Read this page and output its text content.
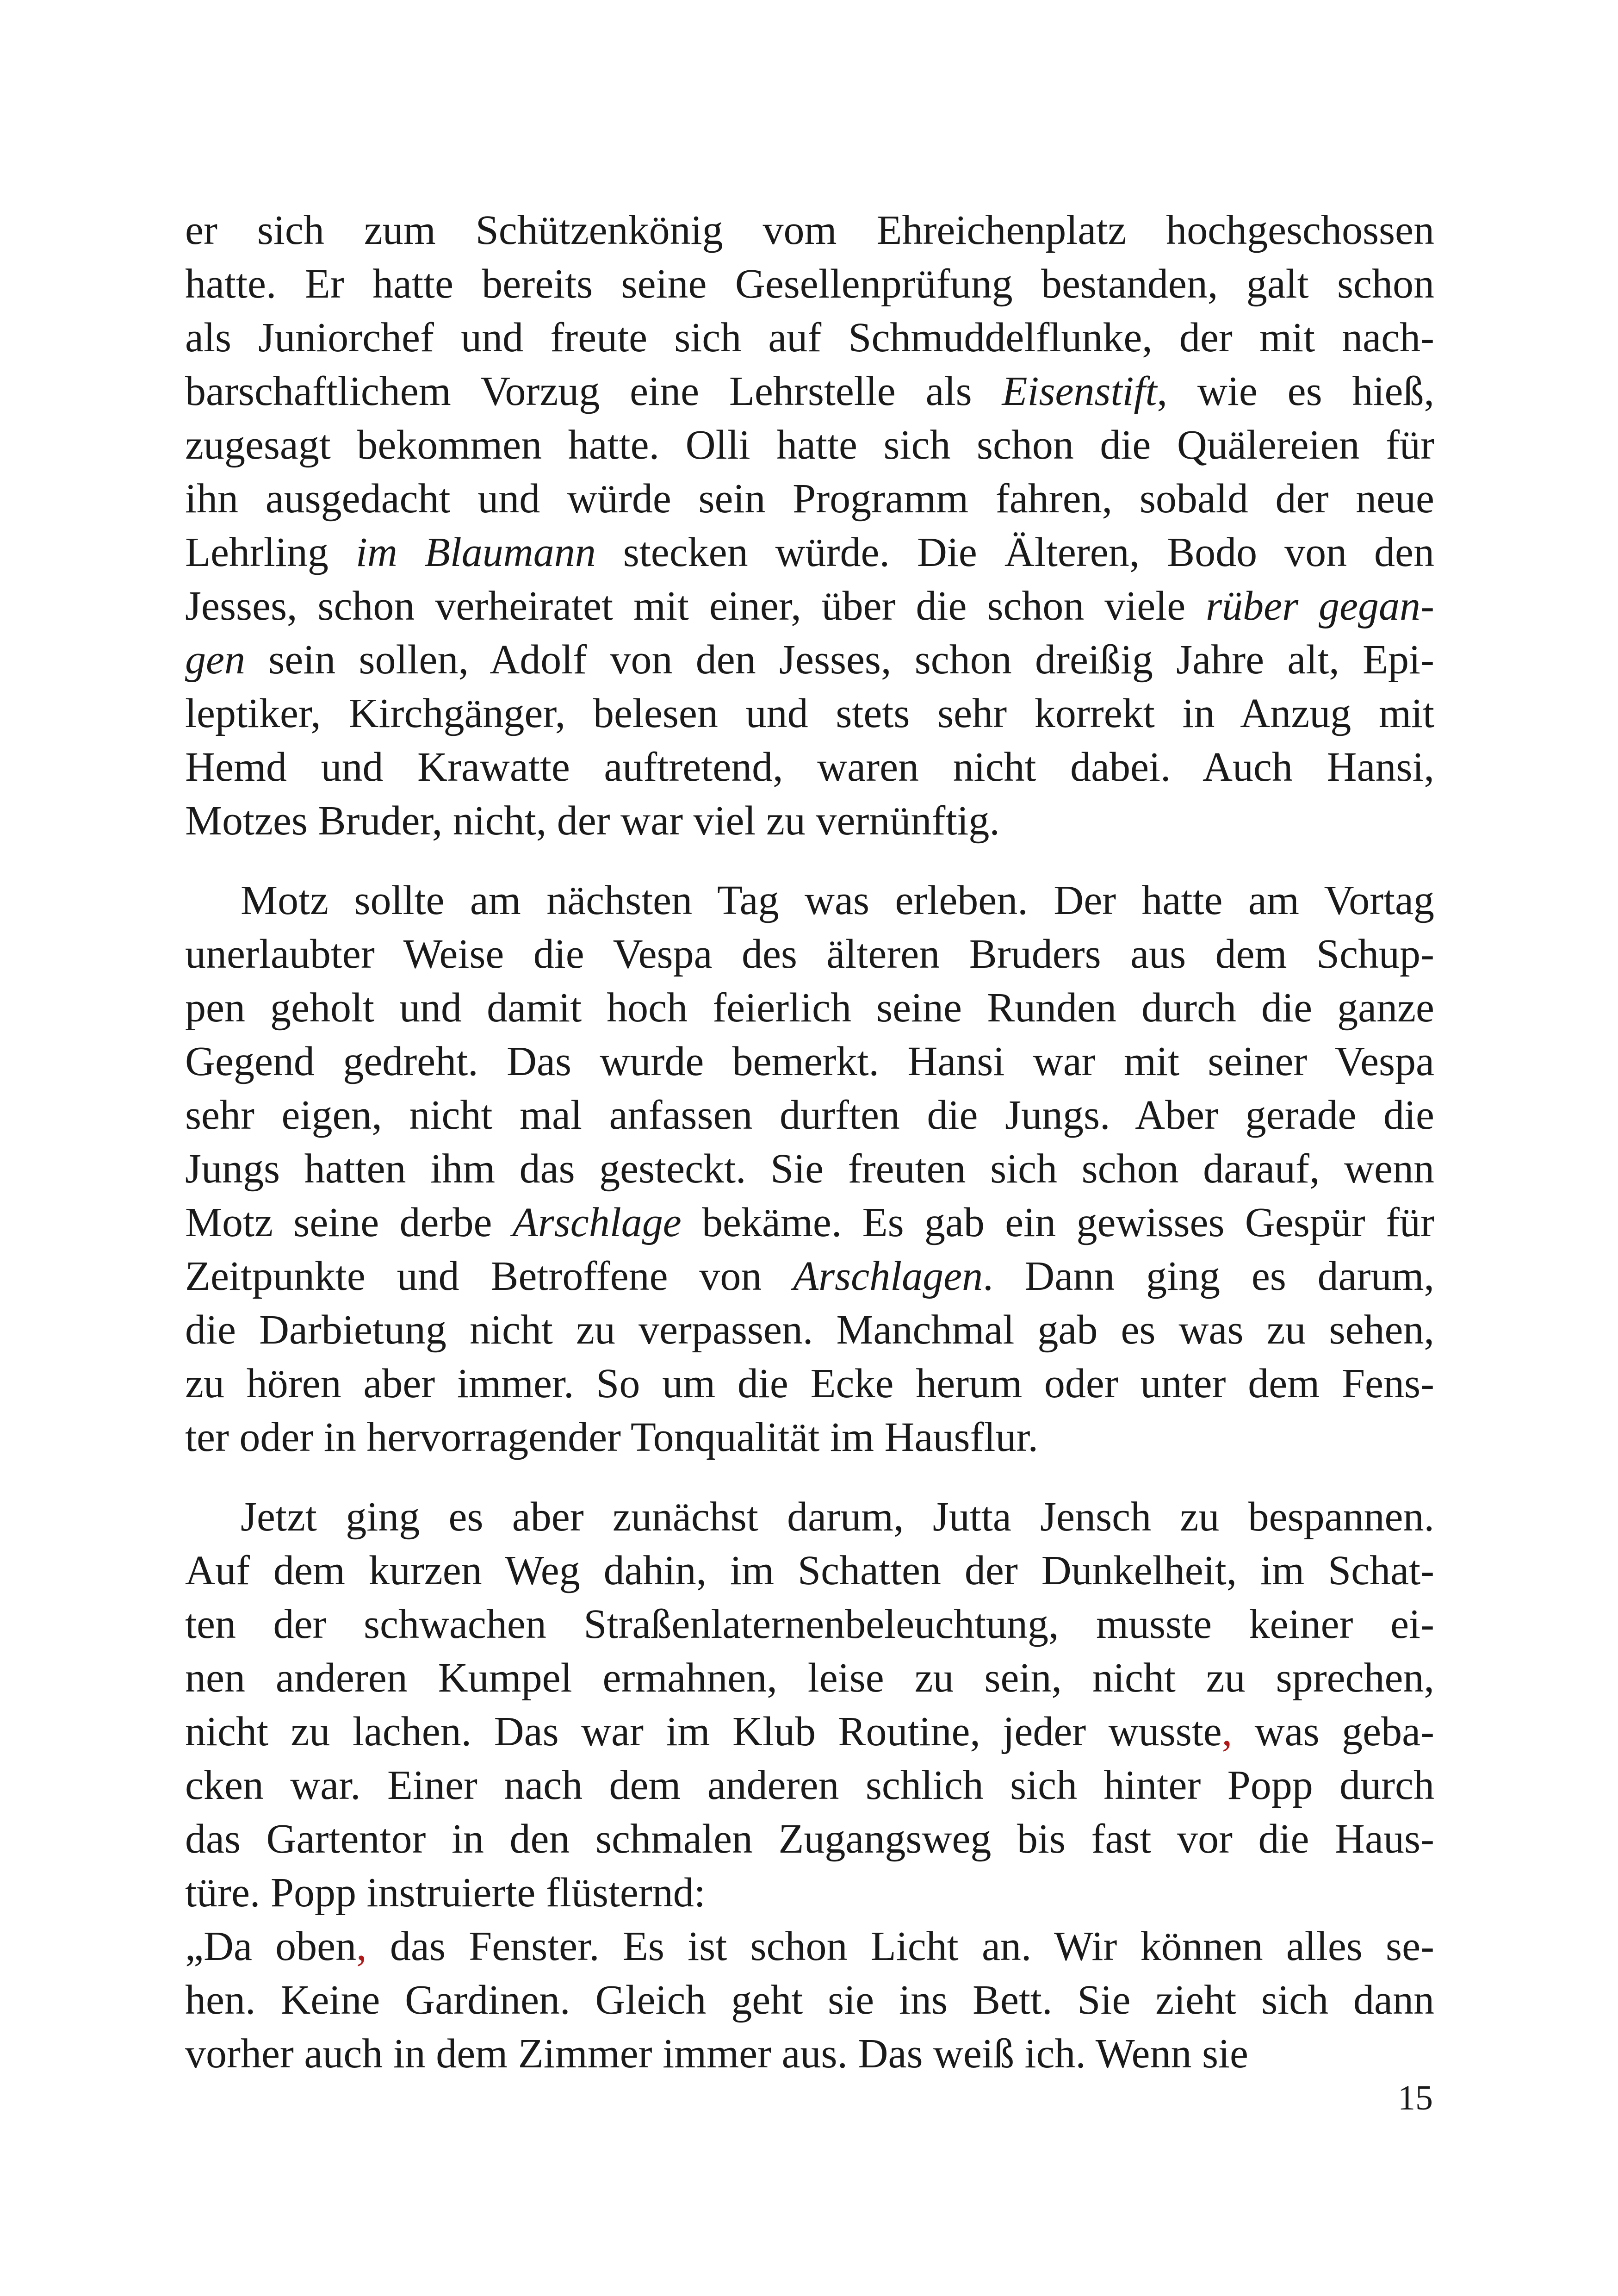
er sich zum Schützenkönig vom Ehreichenplatz hochgeschossen
hatte. Er hatte bereits seine Gesellenprüfung bestanden, galt schon
als Juniorchef und freute sich auf Schmuddelflunke, der mit nach-
barschaftlichem Vorzug eine Lehrstelle als Eisenstift, wie es hieß,
zugesagt bekommen hatte. Olli hatte sich schon die Quälereien für
ihn ausgedacht und würde sein Programm fahren, sobald der neue
Lehrling im Blaumann stecken würde. Die Älteren, Bodo von den
Jesses, schon verheiratet mit einer, über die schon viele rüber gegan-
gen sein sollen, Adolf von den Jesses, schon dreißig Jahre alt, Epi-
leptiker, Kirchgänger, belesen und stets sehr korrekt in Anzug mit
Hemd und Krawatte auftretend, waren nicht dabei. Auch Hansi,
Motzes Bruder, nicht, der war viel zu vernünftig.
Motz sollte am nächsten Tag was erleben. Der hatte am Vortag
unerlaubter Weise die Vespa des älteren Bruders aus dem Schup-
pen geholt und damit hoch feierlich seine Runden durch die ganze
Gegend gedreht. Das wurde bemerkt. Hansi war mit seiner Vespa
sehr eigen, nicht mal anfassen durften die Jungs. Aber gerade die
Jungs hatten ihm das gesteckt. Sie freuten sich schon darauf, wenn
Motz seine derbe Arschlage bekäme. Es gab ein gewisses Gespür für
Zeitpunkte und Betroffene von Arschlagen. Dann ging es darum,
die Darbietung nicht zu verpassen. Manchmal gab es was zu sehen,
zu hören aber immer. So um die Ecke herum oder unter dem Fens-
ter oder in hervorragender Tonqualität im Hausflur.
Jetzt ging es aber zunächst darum, Jutta Jensch zu bespannen.
Auf dem kurzen Weg dahin, im Schatten der Dunkelheit, im Schat-
ten der schwachen Straßenlaternenbeleuchtung, musste keiner ei-
nen anderen Kumpel ermahnen, leise zu sein, nicht zu sprechen,
nicht zu lachen. Das war im Klub Routine, jeder wusste, was geba-
cken war. Einer nach dem anderen schlich sich hinter Popp durch
das Gartentor in den schmalen Zugangsweg bis fast vor die Haus-
türe. Popp instruierte flüsternd:
„Da oben, das Fenster. Es ist schon Licht an. Wir können alles se-
hen. Keine Gardinen. Gleich geht sie ins Bett. Sie zieht sich dann
vorher auch in dem Zimmer immer aus. Das weiß ich. Wenn sie
15
